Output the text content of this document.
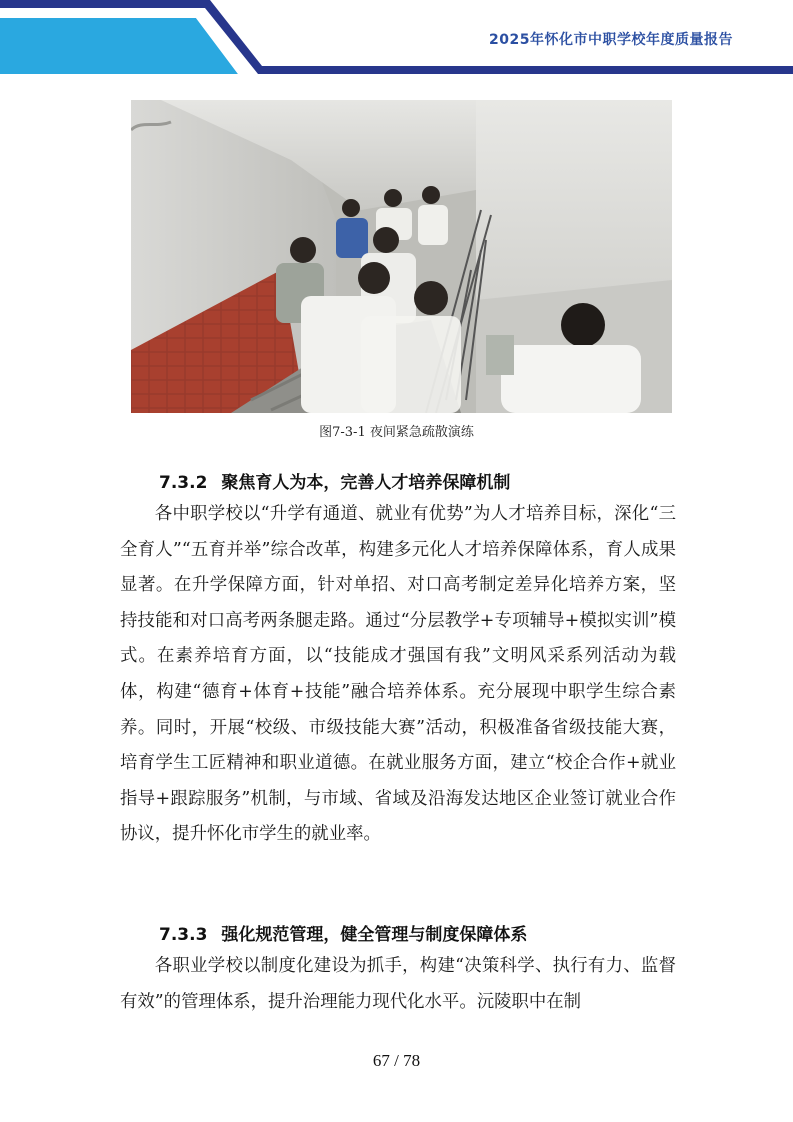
2025年怀化市中职学校年度质量报告
图7-3-1 夜间紧急疏散演练
7.3.2 聚焦育人为本，完善人才培养保障机制
各中职学校以“升学有通道、就业有优势”为人才培养目标，深化“三全育人”“五育并举”综合改革，构建多元化人才培养保障体系，育人成果显著。在升学保障方面，针对单招、对口高考制定差异化培养方案，坚持技能和对口高考两条腿走路。通过“分层教学+专项辅导+模拟实训”模式。在素养培育方面，以“技能成才强国有我”文明风采系列活动为载体，构建“德育+体育+技能”融合培养体系。充分展现中职学生综合素养。同时，开展“校级、市级技能大赛”活动，积极准备省级技能大赛，培育学生工匠精神和职业道德。在就业服务方面，建立“校企合作+就业指导+跟踪服务”机制，与市域、省域及沿海发达地区企业签订就业合作协议，提升怀化市学生的就业率。
7.3.3 强化规范管理，健全管理与制度保障体系
各职业学校以制度化建设为抓手，构建“决策科学、执行有力、监督有效”的管理体系，提升治理能力现代化水平。沅陵职中在制
67 / 78
